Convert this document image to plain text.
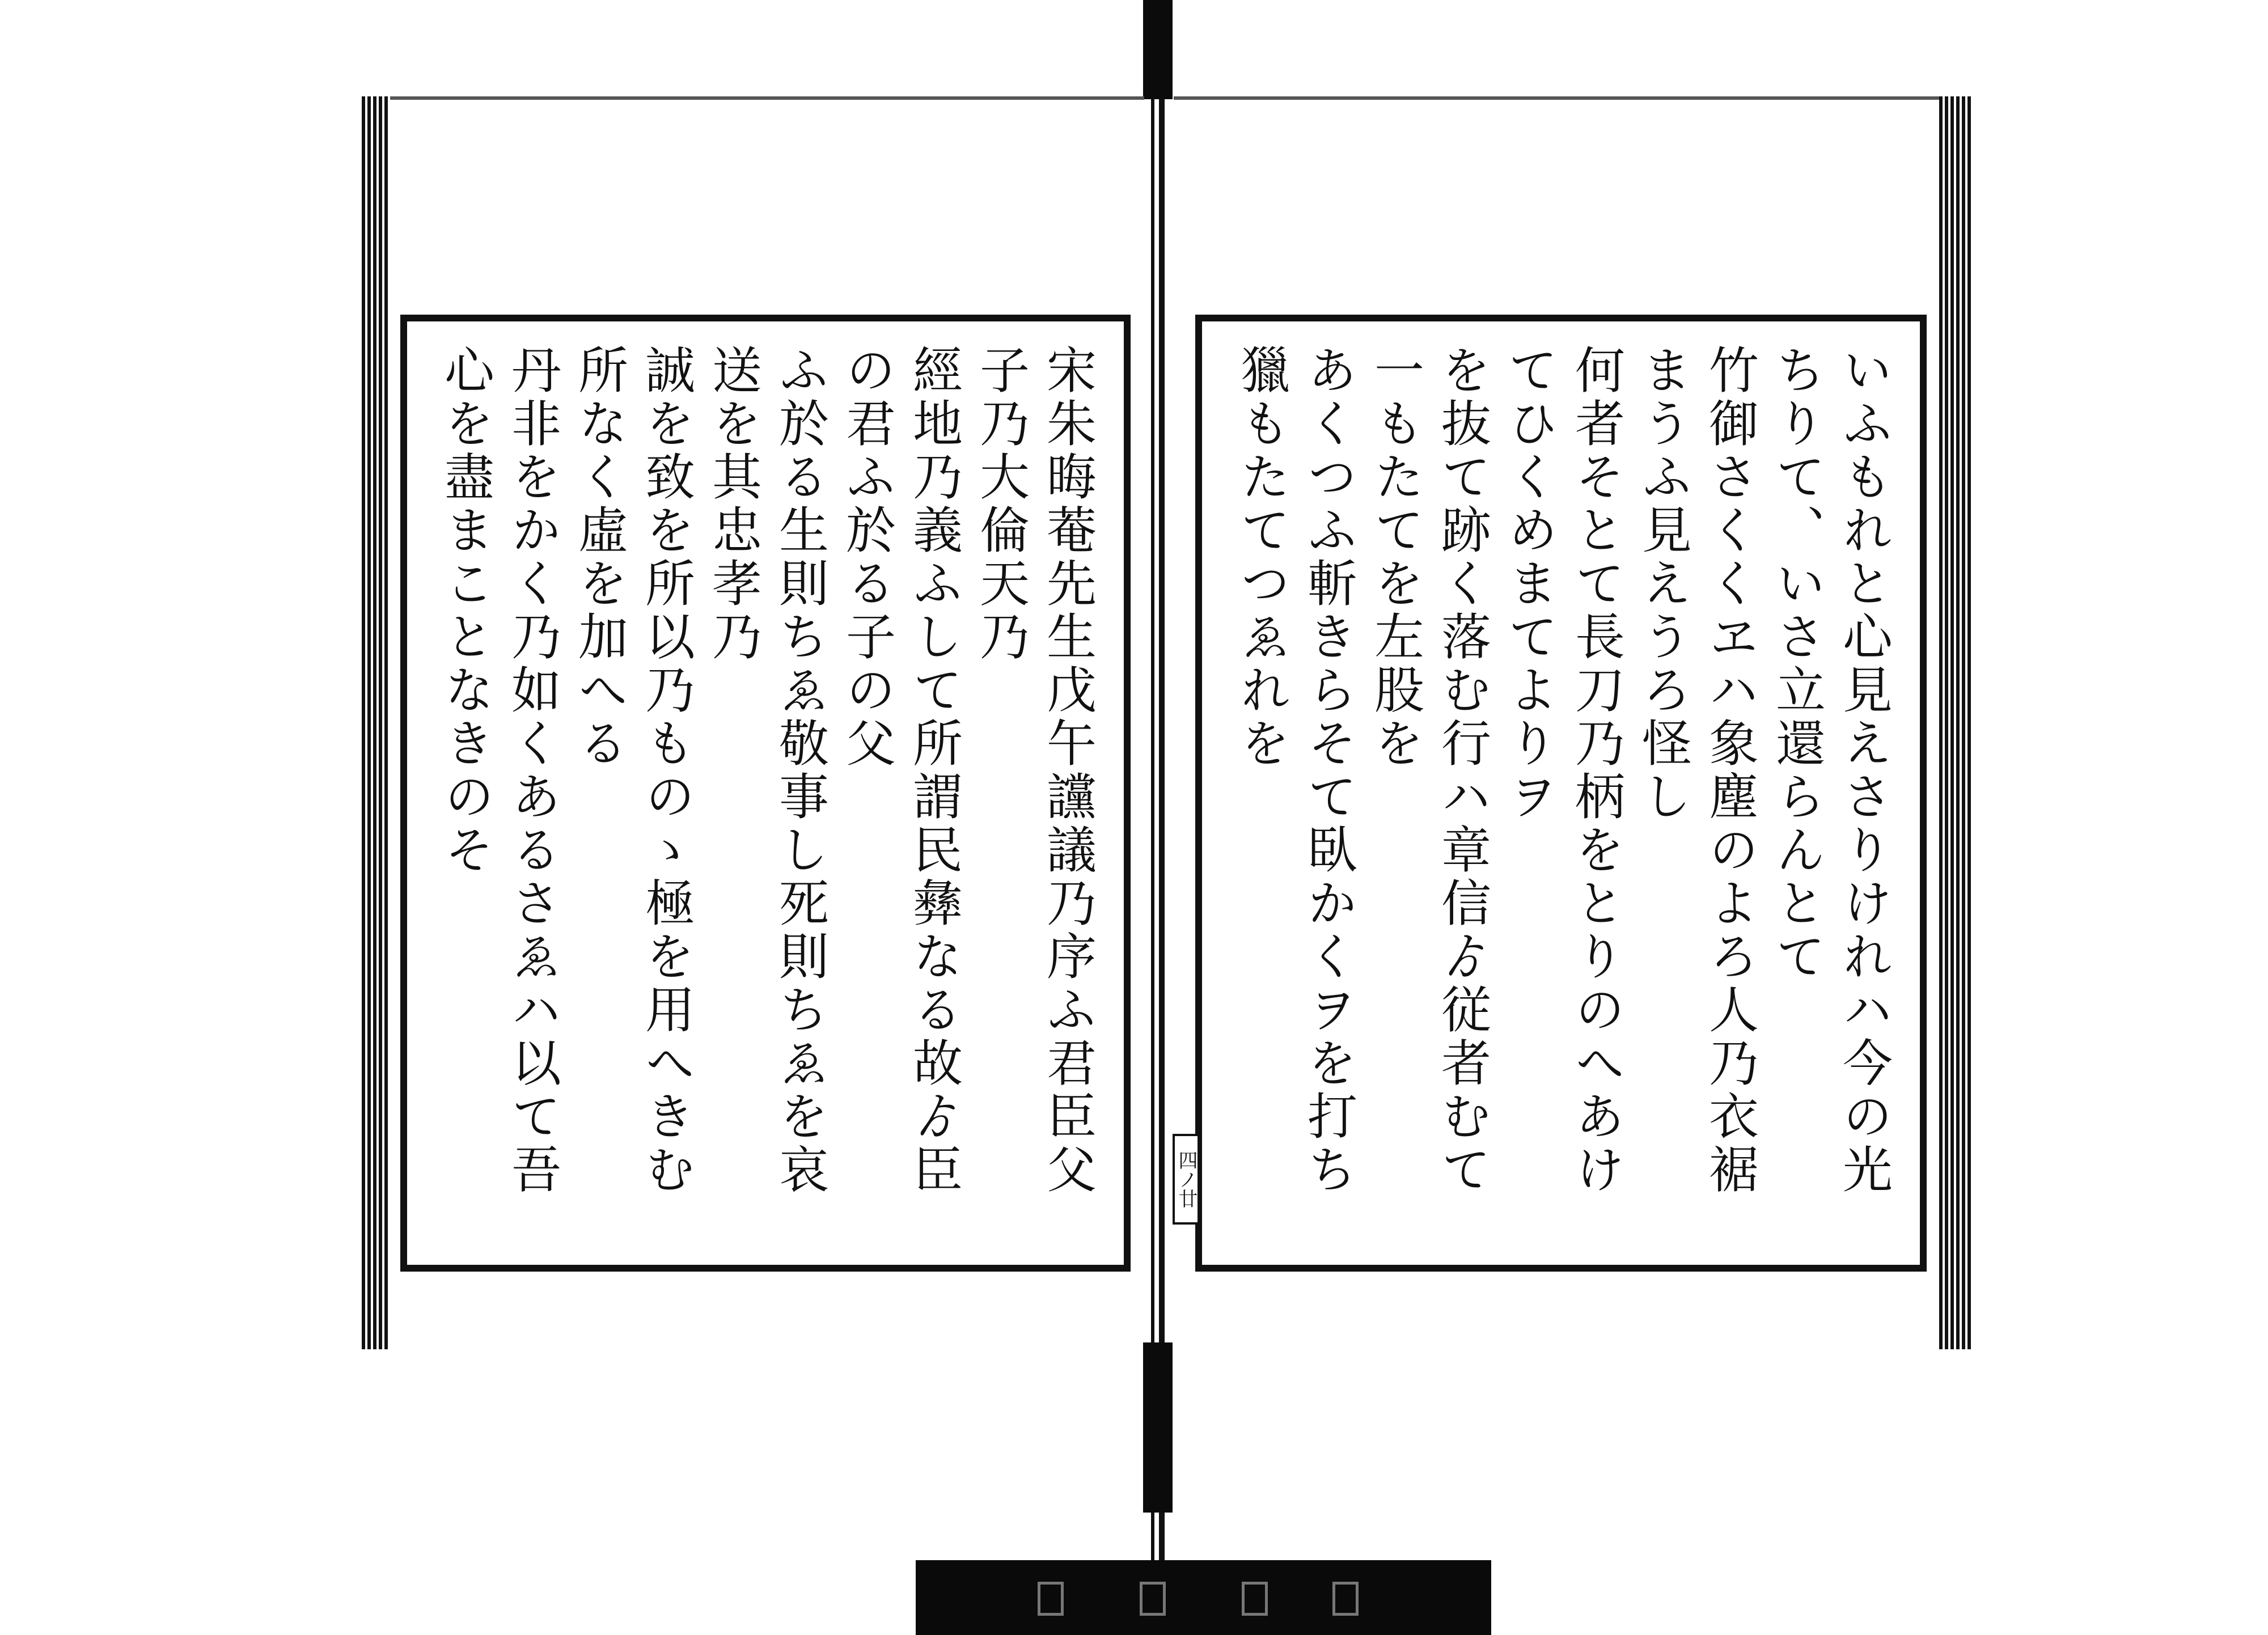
宋朱晦菴先生戊午讜議乃序ふ君臣父子乃大倫天乃

經地乃義ふして所謂民彝なる故ゟ臣の君ふ於る子の父

ふ於る生則ちゑ敬事し死則ちゑを哀送を其忠孝乃

誠を致を所以乃ものゝ極を用へきむ所なく虛を加へる

丹非をかく乃如くあるさゑハ以て吾心を盡まことなきのそ	いふもれと心見えさりけれハ今の光ちりて、いさ立還らんとて

竹御さくくヱハ象塵のよろ人乃衣裾まうふ見えうろ怪し

何者そとて長刀乃柄をとりのへあけてひくめまてよりヲ

を抜て跡く落む行ハ章信ゟ従者むて一もたてを左股を

あくつふ斬きらそて臥かくヲを打ち獵もたてつゑれを

四ノ廿
